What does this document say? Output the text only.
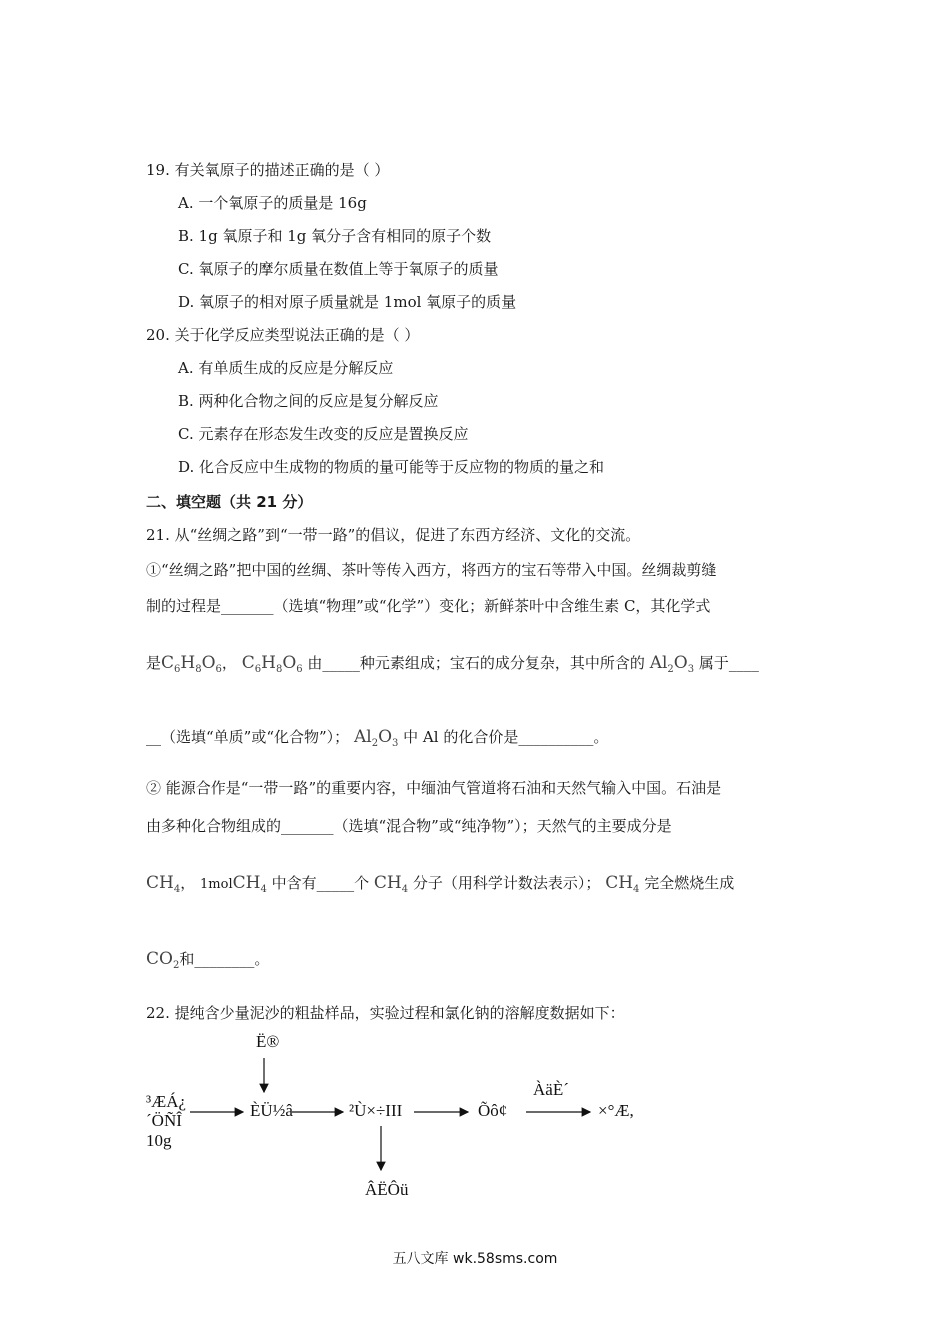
19. 有关氧原子的描述正确的是（ ）
A. 一个氧原子的质量是 16g
B. 1g 氧原子和 1g 氧分子含有相同的原子个数
C. 氧原子的摩尔质量在数值上等于氧原子的质量
D. 氧原子的相对原子质量就是 1mol 氧原子的质量
20. 关于化学反应类型说法正确的是（ ）
A. 有单质生成的反应是分解反应
B. 两种化合物之间的反应是复分解反应
C. 元素存在形态发生改变的反应是置换反应
D. 化合反应中生成物的物质的量可能等于反应物的物质的量之和
二、填空题（共 21 分）
21. 从“丝绸之路”到“一带一路”的倡议，促进了东西方经济、文化的交流。
①“丝绸之路”把中国的丝绸、茶叶等传入西方，将西方的宝石等带入中国。丝绸裁剪缝
制的过程是_______（选填“物理”或“化学”）变化；新鲜茶叶中含维生素 C，其化学式
是$C_6H_8O_6$， $C_6H_8O_6$ 由_____种元素组成；宝石的成分复杂，其中所含的 $Al_2O_3$ 属于____
__（选填“单质”或“化合物”）； $Al_2O_3$ 中 Al 的化合价是__________。
② 能源合作是“一带一路”的重要内容，中缅油气管道将石油和天然气输入中国。石油是
由多种化合物组成的_______（选填“混合物”或“纯净物”）；天然气的主要成分是
$CH_4$， 1molCH$_4$ 中含有_____个 $CH_4$ 分子（用科学计数法表示）； $CH_4$ 完全燃烧生成
$CO_2$和________。
22. 提纯含少量泥沙的粗盐样品，实验过程和氯化钠的溶解度数据如下：
Ë®
³ÆÁ¿
´ÖÑÎ
10g
ÈÜ½â	²Ù×÷III	Õô¢
ÀäÈ´
×°Æ,
ÂËÔü
五八文库 wk.58sms.com
